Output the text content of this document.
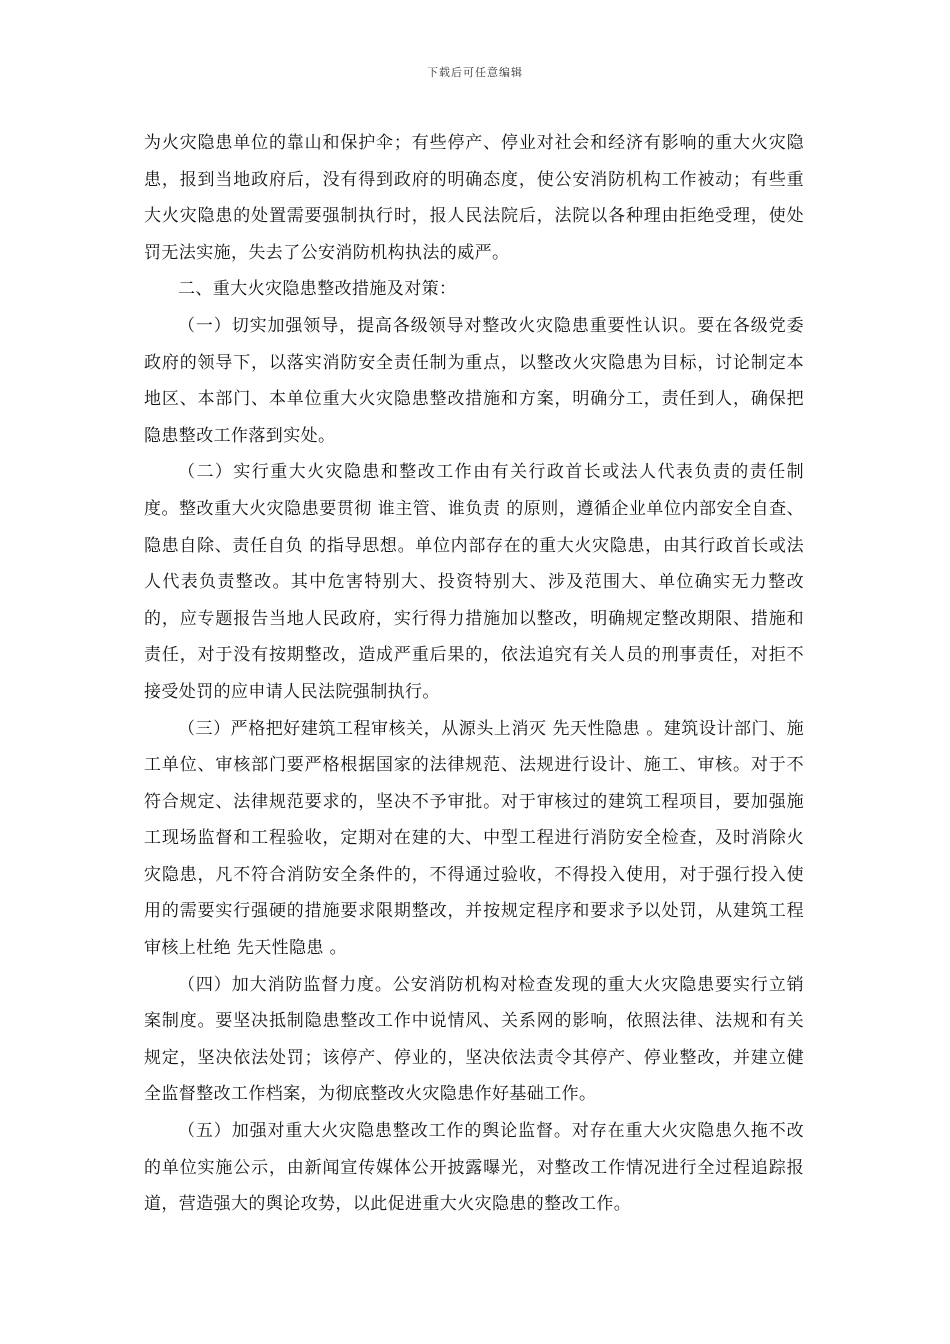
下载后可任意编辑

为火灾隐患单位的靠山和保护伞；有些停产、停业对社会和经济有影响的重大火灾隐患，报到当地政府后，没有得到政府的明确态度，使公安消防机构工作被动；有些重大火灾隐患的处置需要强制执行时，报人民法院后，法院以各种理由拒绝受理，使处罚无法实施，失去了公安消防机构执法的威严。

二、重大火灾隐患整改措施及对策：

（一）切实加强领导，提高各级领导对整改火灾隐患重要性认识。要在各级党委政府的领导下，以落实消防安全责任制为重点，以整改火灾隐患为目标，讨论制定本地区、本部门、本单位重大火灾隐患整改措施和方案，明确分工，责任到人，确保把隐患整改工作落到实处。

（二）实行重大火灾隐患和整改工作由有关行政首长或法人代表负责的责任制度。整改重大火灾隐患要贯彻 谁主管、谁负责 的原则，遵循企业单位内部安全自查、隐患自除、责任自负 的指导思想。单位内部存在的重大火灾隐患，由其行政首长或法人代表负责整改。其中危害特别大、投资特别大、涉及范围大、单位确实无力整改的，应专题报告当地人民政府，实行得力措施加以整改，明确规定整改期限、措施和责任，对于没有按期整改，造成严重后果的，依法追究有关人员的刑事责任，对拒不接受处罚的应申请人民法院强制执行。

（三）严格把好建筑工程审核关，从源头上消灭 先天性隐患 。建筑设计部门、施工单位、审核部门要严格根据国家的法律规范、法规进行设计、施工、审核。对于不符合规定、法律规范要求的，坚决不予审批。对于审核过的建筑工程项目，要加强施工现场监督和工程验收，定期对在建的大、中型工程进行消防安全检查，及时消除火灾隐患，凡不符合消防安全条件的，不得通过验收，不得投入使用，对于强行投入使用的需要实行强硬的措施要求限期整改，并按规定程序和要求予以处罚，从建筑工程审核上杜绝 先天性隐患 。

（四）加大消防监督力度。公安消防机构对检查发现的重大火灾隐患要实行立销案制度。要坚决抵制隐患整改工作中说情风、关系网的影响，依照法律、法规和有关规定，坚决依法处罚；该停产、停业的，坚决依法责令其停产、停业整改，并建立健全监督整改工作档案，为彻底整改火灾隐患作好基础工作。

（五）加强对重大火灾隐患整改工作的舆论监督。对存在重大火灾隐患久拖不改的单位实施公示，由新闻宣传媒体公开披露曝光，对整改工作情况进行全过程追踪报道，营造强大的舆论攻势，以此促进重大火灾隐患的整改工作。
